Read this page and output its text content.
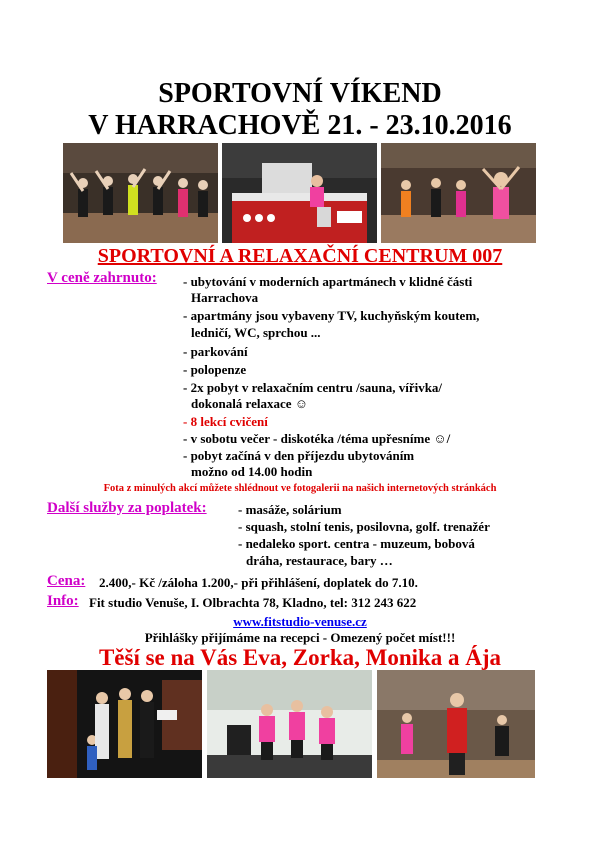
SPORTOVNÍ VÍKEND
V HARRACHOVĚ 21. - 23.10.2016
SPORTOVNÍ A RELAXAČNÍ CENTRUM 007
V ceně zahrnuto: - ubytování v moderních apartmánech v klidné části
Harrachova
- apartmány jsou vybaveny TV, kuchyňským koutem,
ledničí, WC, sprchou ...
- parkování
- polopenze
- 2x pobyt v relaxačním centru /sauna, vířivka/
dokonalá relaxace ☺
- 8 lekcí cvičení
- v sobotu večer - diskotéka /téma upřesníme ☺/
- pobyt začíná v den příjezdu ubytováním
možno od 14.00 hodin
Fota z minulých akcí můžete shlédnout ve fotogalerii na našich internetových stránkách
Další služby za poplatek: - masáže, solárium
- squash, stolní tenis, posilovna, golf. trenažér
- nedaleko sport. centra - muzeum, bobová
dráha, restaurace, bary …
Cena: 2.400,- Kč /záloha 1.200,- při přihlášení, doplatek do 7.10.
Info: Fit studio Venuše, I. Olbrachta 78, Kladno, tel: 312 243 622
www.fitstudio-venuse.cz
Přihlášky přijímáme na recepci - Omezený počet míst!!!
Těší se na Vás Eva, Zorka, Monika a Ája
